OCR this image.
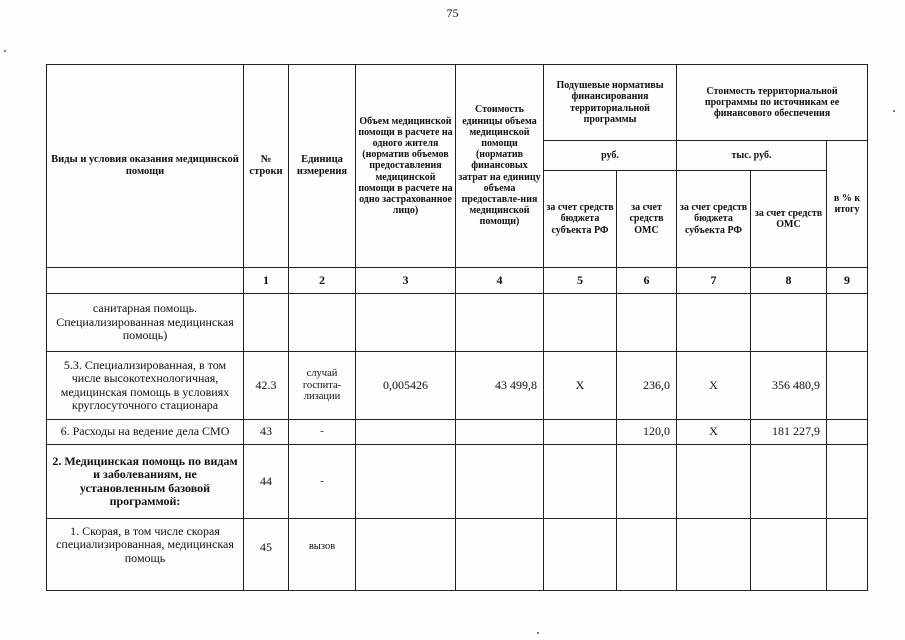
75
Виды и условия оказания медицинской помощи	№ строки	Единица измерения	Объем медицинской помощи в расчете на одного жителя (норматив объемов предоставления медицинской помощи в расчете на одно застрахованное лицо)	Стоимость единицы объема медицинской помощи (норматив финансовых затрат на единицу объема предоставле-ния медицинской помощи)	Подушевые нормативы финансирования территориальной программы		Стоимость территориальной программы по источникам ее финансового обеспечения		
					руб.		тыс. руб.		в % к итогу
					за счет средств бюджета субъекта РФ	за счет средств ОМС	за счет средств бюджета субъекта РФ	за счет средств ОМС	
	1	2	3	4	5	6	7	8	9
санитарная помощь. Специализированная медицинская помощь)									
5.3. Специализированная, в том числе высокотехнологичная, медицинская помощь в условиях круглосуточного стационара	42.3	случай госпита-лизации	0,005426	43 499,8	X	236,0	X	356 480,9	
6. Расходы на ведение дела СМО	43	-				120,0	X	181 227,9	
2. Медицинская помощь по видам и заболеваниям, не установленным базовой программой:	44	-							
1. Скорая, в том числе скорая специализированная, медицинская помощь	45	вызов							
